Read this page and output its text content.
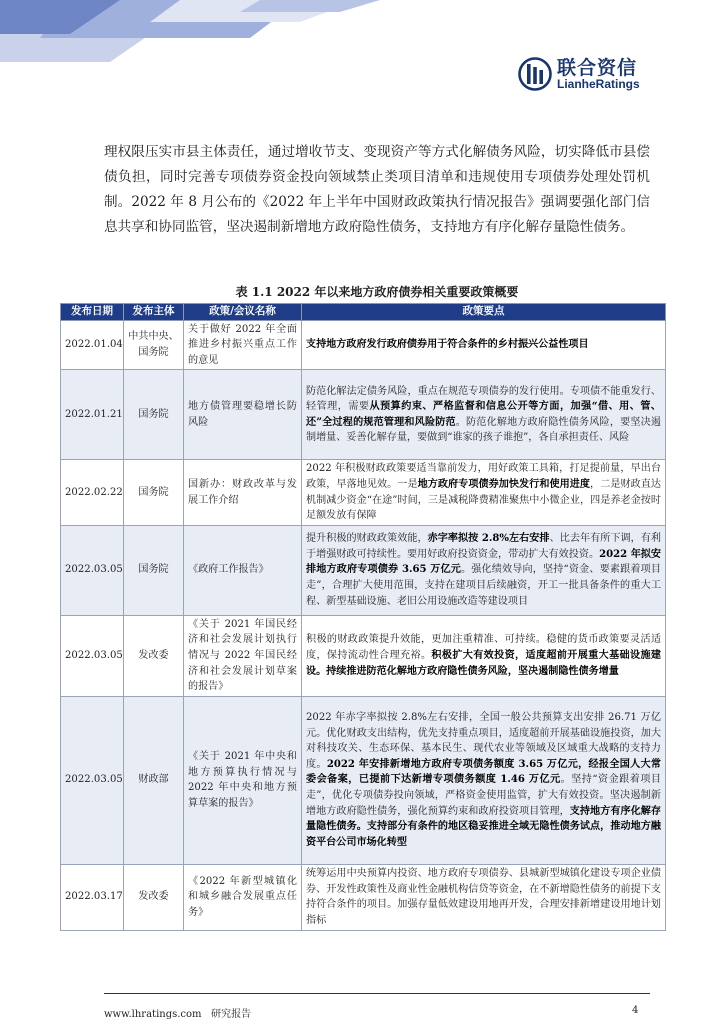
联合资信
LianheRatings

理权限压实市县主体责任，通过增收节支、变现资产等方式化解债务风险，切实降低市县偿债负担，同时完善专项债券资金投向领域禁止类项目清单和违规使用专项债券处理处罚机制。2022 年 8 月公布的《2022 年上半年中国财政政策执行情况报告》强调要强化部门信息共享和协同监管，坚决遏制新增地方政府隐性债务，支持地方有序化解存量隐性债务。

表 1.1 2022 年以来地方政府债券相关重要政策概要
发布日期	发布主体	政策/会议名称	政策要点
2022.01.04	中共中央、国务院	关于做好 2022 年全面推进乡村振兴重点工作的意见	支持地方政府发行政府债券用于符合条件的乡村振兴公益性项目
2022.01.21	国务院	地方债管理要稳增长防风险	防范化解法定债务风险，重点在规范专项债券的发行使用。专项债不能重发行、轻管理，需要从预算约束、严格监督和信息公开等方面，加强“借、用、管、还”全过程的规范管理和风险防范。防范化解地方政府隐性债务风险，要坚决遏制增量、妥善化解存量，要做到“谁家的孩子谁抱”，各自承担责任、风险
2022.02.22	国务院	国新办：财政改革与发展工作介绍	2022 年积极财政政策要适当靠前发力，用好政策工具箱，打足提前量，早出台政策，早落地见效。一是地方政府专项债券加快发行和使用进度，二是财政直达机制减少资金“在途”时间，三是减税降费精准聚焦中小微企业，四是养老金按时足额发放有保障
2022.03.05	国务院	《政府工作报告》	提升积极的财政政策效能，赤字率拟按 2.8%左右安排、比去年有所下调，有利于增强财政可持续性。要用好政府投资资金，带动扩大有效投资。2022 年拟安排地方政府专项债券 3.65 万亿元。强化绩效导向，坚持“资金、要素跟着项目走”，合理扩大使用范围，支持在建项目后续融资，开工一批具备条件的重大工程、新型基础设施、老旧公用设施改造等建设项目
2022.03.05	发改委	《关于 2021 年国民经济和社会发展计划执行情况与 2022 年国民经济和社会发展计划草案的报告》	积极的财政政策提升效能，更加注重精准、可持续。稳健的货币政策要灵活适度，保持流动性合理充裕。积极扩大有效投资，适度超前开展重大基础设施建设。持续推进防范化解地方政府隐性债务风险，坚决遏制隐性债务增量
2022.03.05	财政部	《关于 2021 年中央和地方预算执行情况与 2022 年中央和地方预算草案的报告》	2022 年赤字率拟按 2.8%左右安排，全国一般公共预算支出安排 26.71 万亿元。优化财政支出结构，优先支持重点项目，适度超前开展基础设施投资，加大对科技攻关、生态环保、基本民生、现代农业等领域及区域重大战略的支持力度。2022 年安排新增地方政府专项债务额度 3.65 万亿元，经报全国人大常委会备案，已提前下达新增专项债务额度 1.46 万亿元。坚持“资金跟着项目走”，优化专项债券投向领域，严格资金使用监管，扩大有效投资。坚决遏制新增地方政府隐性债务，强化预算约束和政府投资项目管理，支持地方有序化解存量隐性债务。支持部分有条件的地区稳妥推进全域无隐性债务试点，推动地方融资平台公司市场化转型
2022.03.17	发改委	《2022 年新型城镇化和城乡融合发展重点任务》	统筹运用中央预算内投资、地方政府专项债券、县城新型城镇化建设专项企业债券、开发性政策性及商业性金融机构信贷等资金，在不新增隐性债务的前提下支持符合条件的项目。加强存量低效建设用地再开发，合理安排新增建设用地计划指标
www.lhratings.com 研究报告	4
